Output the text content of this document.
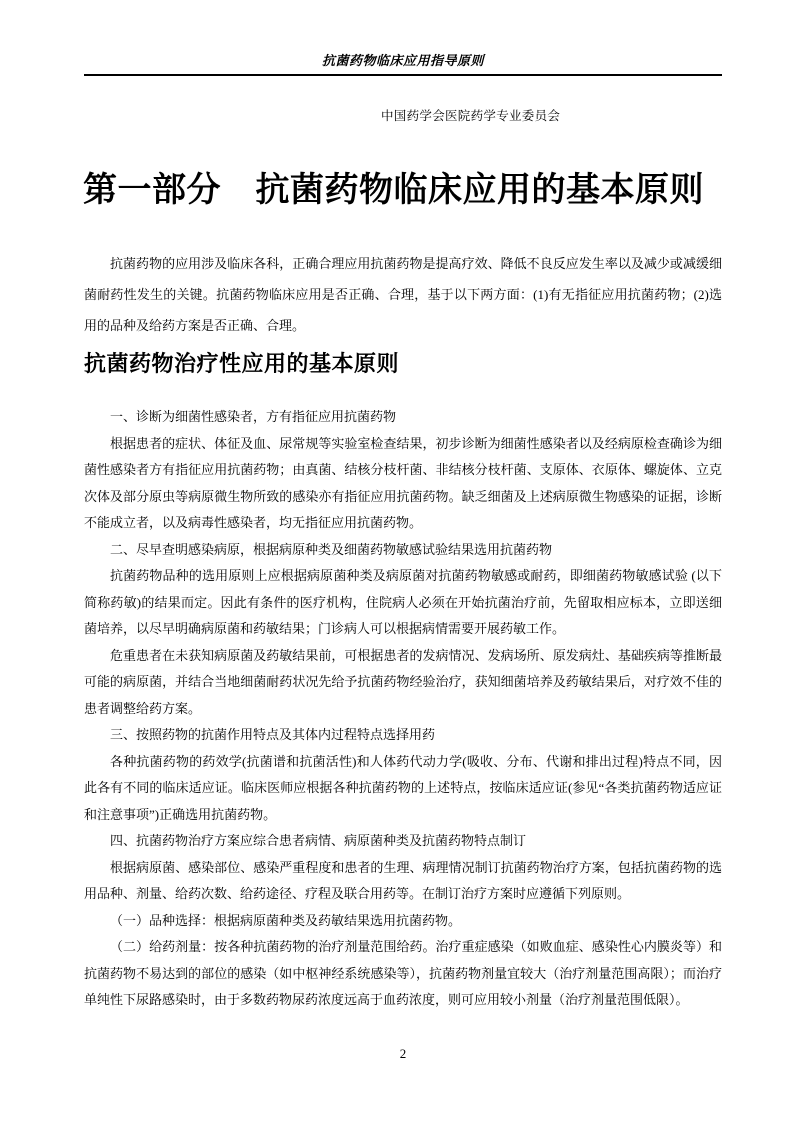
抗菌药物临床应用指导原则
中国药学会医院药学专业委员会
第一部分　抗菌药物临床应用的基本原则

抗菌药物的应用涉及临床各科，正确合理应用抗菌药物是提高疗效、降低不良反应发生率以及减少或减缓细菌耐药性发生的关键。抗菌药物临床应用是否正确、合理，基于以下两方面：(1)有无指征应用抗菌药物；(2)选用的品种及给药方案是否正确、合理。

抗菌药物治疗性应用的基本原则

一、诊断为细菌性感染者，方有指征应用抗菌药物

根据患者的症状、体征及血、尿常规等实验室检查结果，初步诊断为细菌性感染者以及经病原检查确诊为细菌性感染者方有指征应用抗菌药物；由真菌、结核分枝杆菌、非结核分枝杆菌、支原体、衣原体、螺旋体、立克次体及部分原虫等病原微生物所致的感染亦有指征应用抗菌药物。缺乏细菌及上述病原微生物感染的证据，诊断不能成立者，以及病毒性感染者，均无指征应用抗菌药物。

二、尽早查明感染病原，根据病原种类及细菌药物敏感试验结果选用抗菌药物

抗菌药物品种的选用原则上应根据病原菌种类及病原菌对抗菌药物敏感或耐药，即细菌药物敏感试验 (以下简称药敏)的结果而定。因此有条件的医疗机构，住院病人必须在开始抗菌治疗前，先留取相应标本，立即送细菌培养，以尽早明确病原菌和药敏结果；门诊病人可以根据病情需要开展药敏工作。

危重患者在未获知病原菌及药敏结果前，可根据患者的发病情况、发病场所、原发病灶、基础疾病等推断最可能的病原菌，并结合当地细菌耐药状况先给予抗菌药物经验治疗，获知细菌培养及药敏结果后，对疗效不佳的患者调整给药方案。

三、按照药物的抗菌作用特点及其体内过程特点选择用药

各种抗菌药物的药效学(抗菌谱和抗菌活性)和人体药代动力学(吸收、分布、代谢和排出过程)特点不同，因此各有不同的临床适应证。临床医师应根据各种抗菌药物的上述特点，按临床适应证(参见“各类抗菌药物适应证和注意事项”)正确选用抗菌药物。

四、抗菌药物治疗方案应综合患者病情、病原菌种类及抗菌药物特点制订

根据病原菌、感染部位、感染严重程度和患者的生理、病理情况制订抗菌药物治疗方案，包括抗菌药物的选用品种、剂量、给药次数、给药途径、疗程及联合用药等。在制订治疗方案时应遵循下列原则。

（一）品种选择：根据病原菌种类及药敏结果选用抗菌药物。

（二）给药剂量：按各种抗菌药物的治疗剂量范围给药。治疗重症感染（如败血症、感染性心内膜炎等）和抗菌药物不易达到的部位的感染（如中枢神经系统感染等），抗菌药物剂量宜较大（治疗剂量范围高限）；而治疗单纯性下尿路感染时，由于多数药物尿药浓度远高于血药浓度，则可应用较小剂量（治疗剂量范围低限）。

2
